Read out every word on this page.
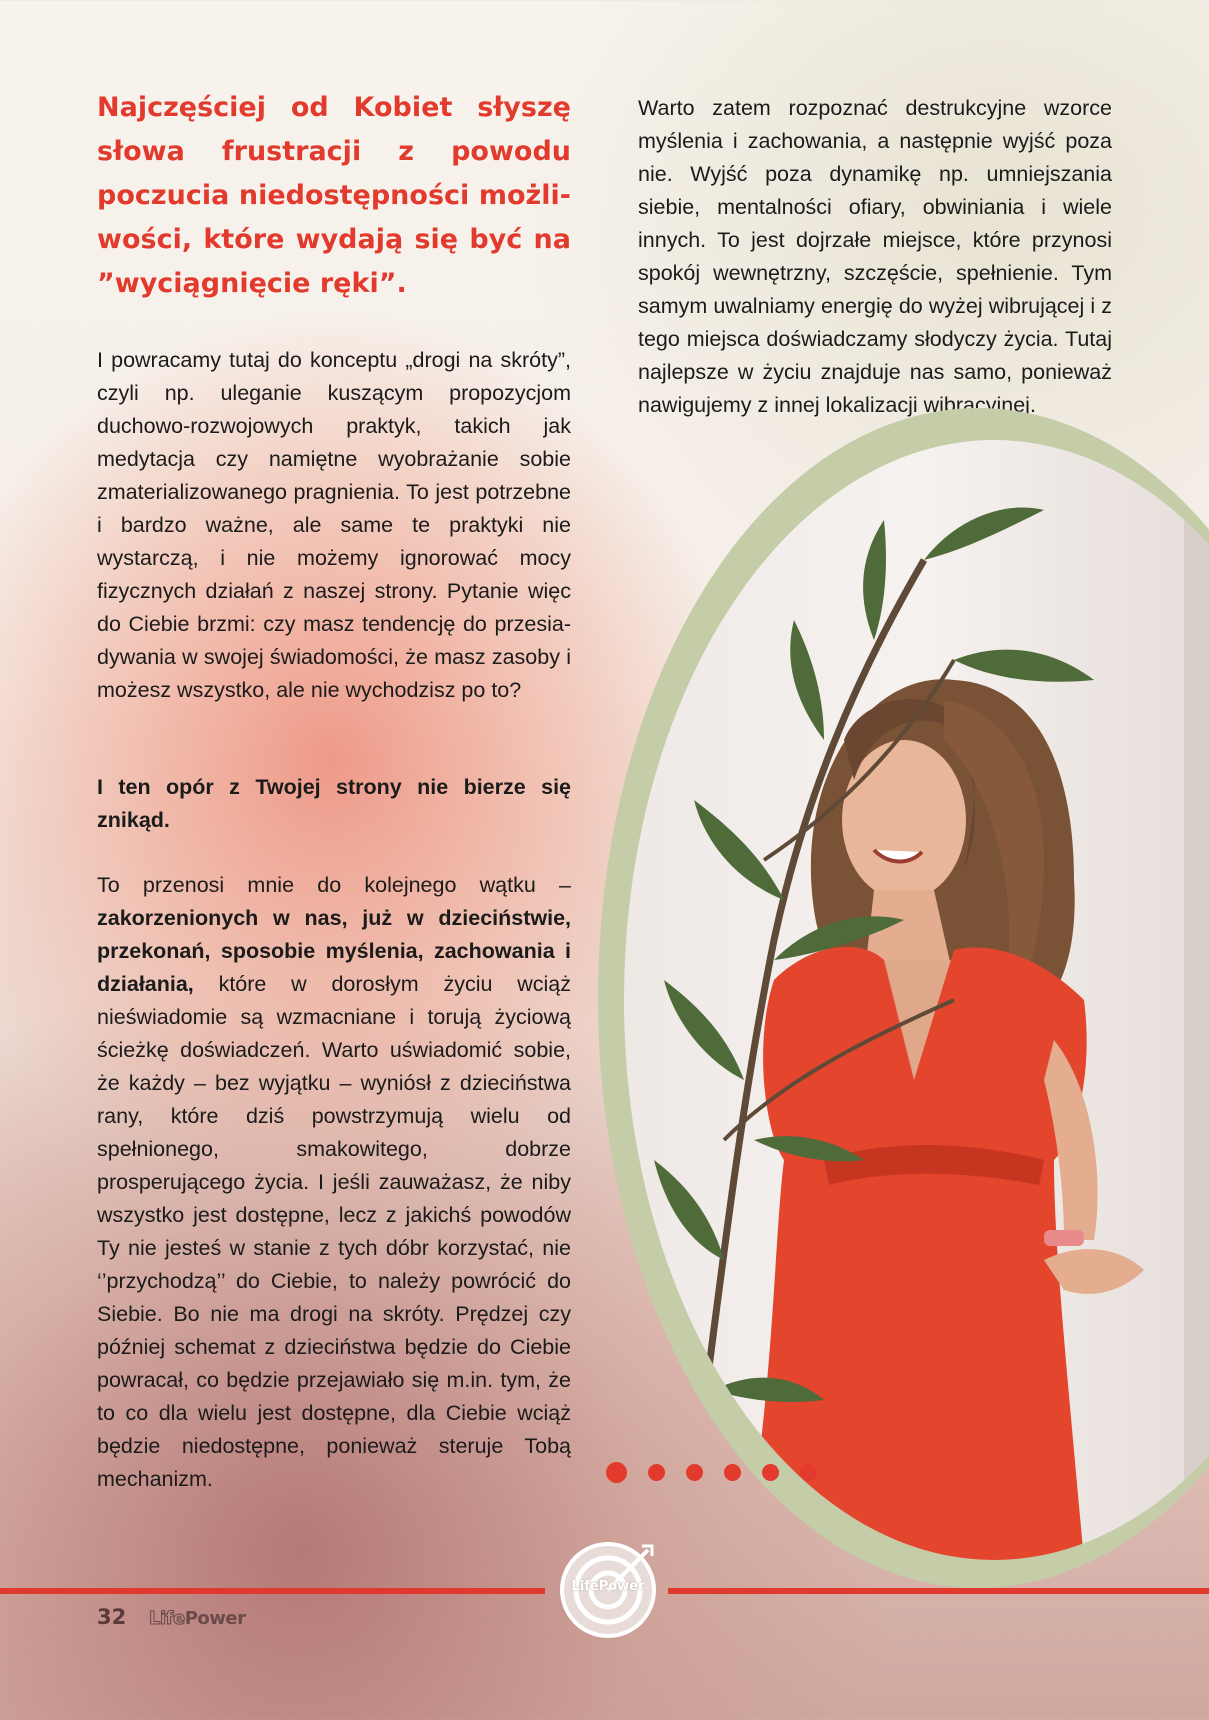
Najczęściej od Kobiet słyszę słowa frustracji z powodu poczucia niedostępności możliwości, które wydają się być na ”wyciągnięcie ręki”.

I powracamy tutaj do konceptu „drogi na skróty”, czyli np. uleganie kuszącym propozycjom duchowo-rozwojowych praktyk, takich jak medytacja czy namiętne wyobrażanie sobie zmaterializowanego pragnienia. To jest potrzebne i bardzo ważne, ale same te praktyki nie wystarczą, i nie możemy ignorować mocy fizycznych działań z naszej strony. Pytanie więc do Ciebie brzmi: czy masz tendencję do przesiadywania w swojej świadomości, że masz zasoby i możesz wszystko, ale nie wychodzisz po to?

I ten opór z Twojej strony nie bierze się znikąd.

To przenosi mnie do kolejnego wątku – zakorzenionych w nas, już w dzieciństwie, przekonań, sposobie myślenia, zachowania i działania, które w dorosłym życiu wciąż nieświadomie są wzmacniane i torują życiową ścieżkę doświadczeń. Warto uświadomić sobie, że każdy – bez wyjątku – wyniósł z dzieciństwa rany, które dziś powstrzymują wielu od spełnionego, smakowitego, dobrze prosperującego życia. I jeśli zauważasz, że niby wszystko jest dostępne, lecz z jakichś powodów Ty nie jesteś w stanie z tych dóbr korzystać, nie ‘’przychodzą’’ do Ciebie, to należy powrócić do Siebie. Bo nie ma drogi na skróty. Prędzej czy później schemat z dzieciństwa będzie do Ciebie powracał, co będzie przejawiało się m.in. tym, że to co dla wielu jest dostępne, dla Ciebie wciąż będzie niedostępne, ponieważ steruje Tobą mechanizm.

Warto zatem rozpoznać destrukcyjne wzorce myślenia i zachowania, a następnie wyjść poza nie. Wyjść poza dynamikę np. umniejszania siebie, mentalności ofiary, obwiniania i wiele innych. To jest dojrzałe miejsce, które przynosi spokój wewnętrzny, szczęście, spełnienie. Tym samym uwalniamy energię do wyżej wibrującej i z tego miejsca doświadczamy słodyczy życia. Tutaj najlepsze w życiu znajduje nas samo, ponieważ nawigujemy z innej lokalizacji wibracyjnej.

LifePower
32 LifePower
